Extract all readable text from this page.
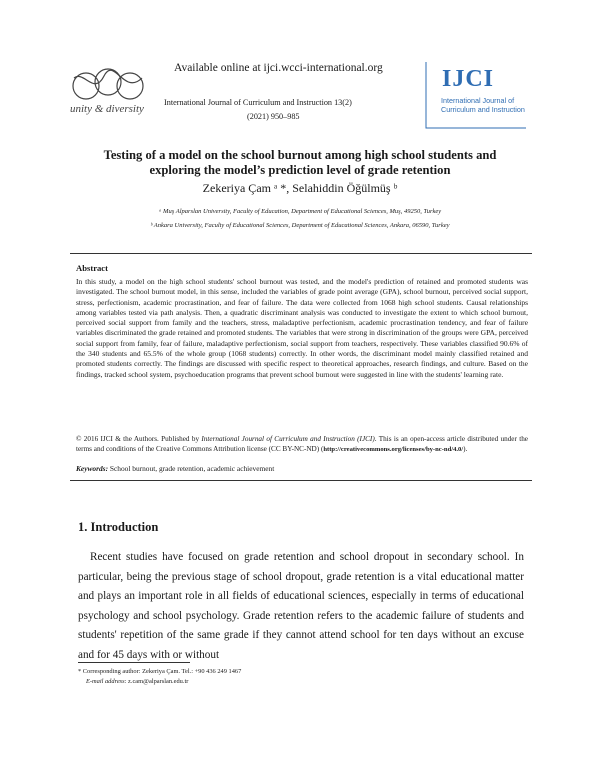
unity & diversity
Available online at ijci.wcci-international.org
International Journal of Curriculum and Instruction 13(2)
(2021) 950–985
IJCI
International Journal of
Curriculum and Instruction
Testing of a model on the school burnout among high school students and
exploring the model’s prediction level of grade retention
Zekeriya Çam ᵃ *, Selahiddin Öğülmüş ᵇ
ᵃ Muş Alparslan University, Faculty of Education, Department of Educational Sciences, Muş, 49250, Turkey
ᵇ Ankara University, Faculty of Educational Sciences, Department of Educational Sciences, Ankara, 06590, Turkey
Abstract
In this study, a model on the high school students' school burnout was tested, and the model's prediction of retained and promoted students was investigated. The school burnout model, in this sense, included the variables of grade point average (GPA), school burnout, perceived social support, stress, perfectionism, academic procrastination, and fear of failure. The data were collected from 1068 high school students. Causal relationships among variables tested via path analysis. Then, a quadratic discriminant analysis was conducted to investigate the extent to which school burnout, perceived social support from family and the teachers, stress, maladaptive perfectionism, academic procrastination tendency, and fear of failure variables discriminated the grade retained and promoted students. The variables that were strong in discrimination of the groups were GPA, perceived social support from family, fear of failure, maladaptive perfectionism, social support from teachers, respectively. These variables classified 90.6% of the 340 students and 65.5% of the whole group (1068 students) correctly. In other words, the discriminant model mainly classified retained and promoted students correctly. The findings are discussed with specific respect to theoretical approaches, research findings, and culture. Based on the findings, tracked school system, psychoeducation programs that prevent school burnout were suggested in line with the students' learning rate.
© 2016 IJCI & the Authors. Published by International Journal of Curriculum and Instruction (IJCI). This is an open-access article distributed under the terms and conditions of the Creative Commons Attribution license (CC BY-NC-ND) (http://creativecommons.org/licenses/by-nc-nd/4.0/).
Keywords: School burnout, grade retention, academic achievement
1. Introduction
Recent studies have focused on grade retention and school dropout in secondary school. In particular, being the previous stage of school dropout, grade retention is a vital educational matter and plays an important role in all fields of educational sciences, especially in terms of educational psychology and school psychology. Grade retention refers to the academic failure of students and students' repetition of the same grade if they cannot attend school for ten days without an excuse and for 45 days with or without
* Corresponding author: Zekeriya Çam. Tel.: +90 436 249 1467
E-mail address: z.cam@alparslan.edu.tr
